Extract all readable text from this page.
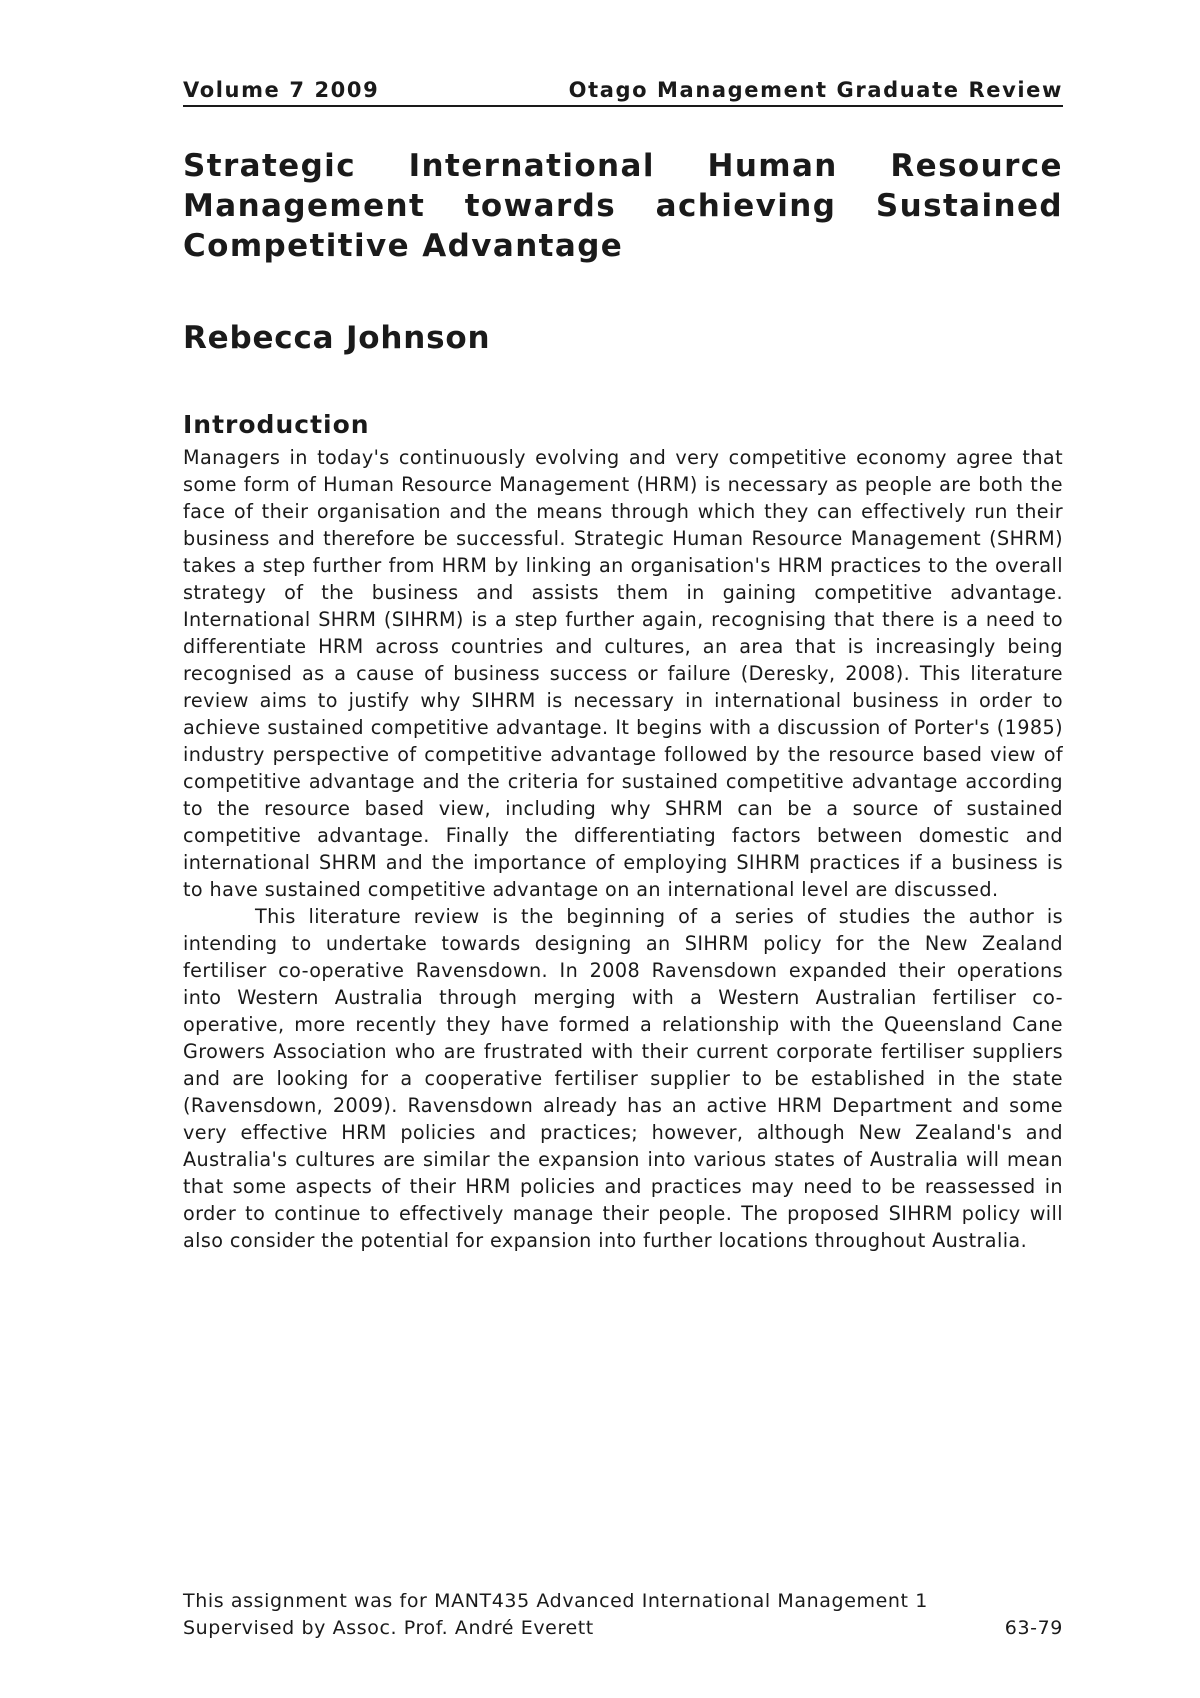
Volume 7 2009	Otago Management Graduate Review
Strategic International Human Resource Management towards achieving Sustained Competitive Advantage
Rebecca Johnson
Introduction

Managers in today's continuously evolving and very competitive economy agree that some form of Human Resource Management (HRM) is necessary as people are both the face of their organisation and the means through which they can effectively run their business and therefore be successful. Strategic Human Resource Management (SHRM) takes a step further from HRM by linking an organisation's HRM practices to the overall strategy of the business and assists them in gaining competitive advantage. International SHRM (SIHRM) is a step further again, recognising that there is a need to differentiate HRM across countries and cultures, an area that is increasingly being recognised as a cause of business success or failure (Deresky, 2008). This literature review aims to justify why SIHRM is necessary in international business in order to achieve sustained competitive advantage. It begins with a discussion of Porter's (1985) industry perspective of competitive advantage followed by the resource based view of competitive advantage and the criteria for sustained competitive advantage according to the resource based view, including why SHRM can be a source of sustained competitive advantage. Finally the differentiating factors between domestic and international SHRM and the importance of employing SIHRM practices if a business is to have sustained competitive advantage on an international level are discussed.

This literature review is the beginning of a series of studies the author is intending to undertake towards designing an SIHRM policy for the New Zealand fertiliser co-operative Ravensdown. In 2008 Ravensdown expanded their operations into Western Australia through merging with a Western Australian fertiliser co-operative, more recently they have formed a relationship with the Queensland Cane Growers Association who are frustrated with their current corporate fertiliser suppliers and are looking for a cooperative fertiliser supplier to be established in the state (Ravensdown, 2009). Ravensdown already has an active HRM Department and some very effective HRM policies and practices; however, although New Zealand's and Australia's cultures are similar the expansion into various states of Australia will mean that some aspects of their HRM policies and practices may need to be reassessed in order to continue to effectively manage their people. The proposed SIHRM policy will also consider the potential for expansion into further locations throughout Australia.

This assignment was for MANT435 Advanced International Management 1
Supervised by Assoc. Prof. André Everett	63-79
